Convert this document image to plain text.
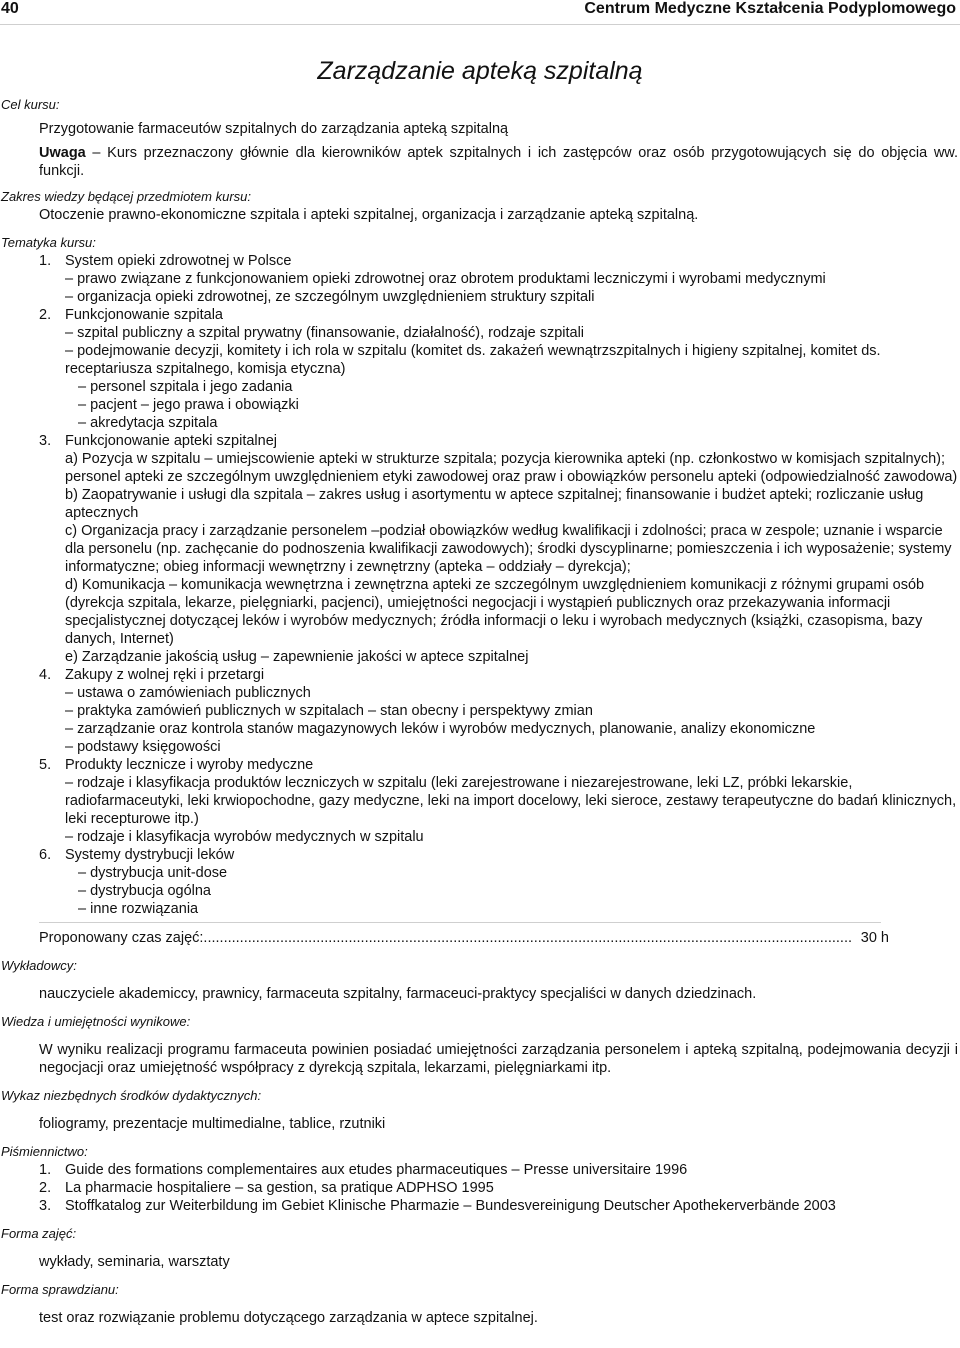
40	Centrum Medyczne Kształcenia Podyplomowego
Zarządzanie apteką szpitalną
Cel kursu:
Przygotowanie farmaceutów szpitalnych do zarządzania apteką szpitalną
Uwaga – Kurs przeznaczony głównie dla kierowników aptek szpitalnych i ich zastępców oraz osób przygotowujących się do objęcia ww. funkcji.
Zakres wiedzy będącej przedmiotem kursu:
Otoczenie prawno-ekonomiczne szpitala i apteki szpitalnej, organizacja i zarządzanie apteką szpitalną.
Tematyka kursu:
1. System opieki zdrowotnej w Polsce
– prawo związane z funkcjonowaniem opieki zdrowotnej oraz obrotem produktami leczniczymi i wyrobami medycznymi
– organizacja opieki zdrowotnej, ze szczególnym uwzględnieniem struktury szpitali
2. Funkcjonowanie szpitala
– szpital publiczny a szpital prywatny (finansowanie, działalność), rodzaje szpitali
– podejmowanie decyzji, komitety i ich rola w szpitalu (komitet ds. zakażeń wewnątrzszpitalnych i higieny szpitalnej, komitet ds. receptariusza szpitalnego, komisja etyczna)
– personel szpitala i jego zadania
– pacjent – jego prawa i obowiązki
– akredytacja szpitala
3. Funkcjonowanie apteki szpitalnej
a) Pozycja w szpitalu – umiejscowienie apteki w strukturze szpitala; pozycja kierownika apteki (np. członkostwo w komisjach szpitalnych); personel apteki ze szczególnym uwzględnieniem etyki zawodowej oraz praw i obowiązków personelu apteki (odpowiedzialność zawodowa)
b) Zaopatrywanie i usługi dla szpitala – zakres usług i asortymentu w aptece szpitalnej; finansowanie i budżet apteki; rozliczanie usług aptecznych
c) Organizacja pracy i zarządzanie personelem –podział obowiązków według kwalifikacji i zdolności; praca w zespole; uznanie i wsparcie dla personelu (np. zachęcanie do podnoszenia kwalifikacji zawodowych); środki dyscyplinarne; pomieszczenia i ich wyposażenie; systemy informatyczne; obieg informacji wewnętrzny i zewnętrzny (apteka – oddziały – dyrekcja);
d) Komunikacja – komunikacja wewnętrzna i zewnętrzna apteki ze szczególnym uwzględnieniem komunikacji z różnymi grupami osób (dyrekcja szpitala, lekarze, pielęgniarki, pacjenci), umiejętności negocjacji i wystąpień publicznych oraz przekazywania informacji specjalistycznej dotyczącej leków i wyrobów medycznych; źródła informacji o leku i wyrobach medycznych (książki, czasopisma, bazy danych, Internet)
e) Zarządzanie jakością usług – zapewnienie jakości w aptece szpitalnej
4. Zakupy z wolnej ręki i przetargi
– ustawa o zamówieniach publicznych
– praktyka zamówień publicznych w szpitalach – stan obecny i perspektywy zmian
– zarządzanie oraz kontrola stanów magazynowych leków i wyrobów medycznych, planowanie, analizy ekonomiczne
– podstawy księgowości
5. Produkty lecznicze i wyroby medyczne
– rodzaje i klasyfikacja produktów leczniczych w szpitalu (leki zarejestrowane i niezarejestrowane, leki LZ, próbki lekarskie, radiofarmaceutyki, leki krwiopochodne, gazy medyczne, leki na import docelowy, leki sieroce, zestawy terapeutyczne do badań klinicznych, leki recepturowe itp.)
– rodzaje i klasyfikacja wyrobów medycznych w szpitalu
6. Systemy dystrybucji leków
– dystrybucja unit-dose
– dystrybucja ogólna
– inne rozwiązania
Proponowany czas zajęć:
.....	30 h
Wykładowcy:
nauczyciele akademiccy, prawnicy, farmaceuta szpitalny, farmaceuci-praktycy specjaliści w danych dziedzinach.
Wiedza i umiejętności wynikowe:
W wyniku realizacji programu farmaceuta powinien posiadać umiejętności zarządzania personelem i apteką szpitalną, podejmowania decyzji i negocjacji oraz umiejętność współpracy z dyrekcją szpitala, lekarzami, pielęgniarkami itp.
Wykaz niezbędnych środków dydaktycznych:
foliogramy, prezentacje multimedialne, tablice, rzutniki
Piśmiennictwo:
1. Guide des formations complementaires aux etudes pharmaceutiques – Presse universitaire 1996
2. La pharmacie hospitaliere – sa gestion, sa pratique ADPHSO 1995
3. Stoffkatalog zur Weiterbildung im Gebiet Klinische Pharmazie – Bundesvereinigung Deutscher Apothekerverbände 2003
Forma zajęć:
wykłady, seminaria, warsztaty
Forma sprawdzianu:
test oraz rozwiązanie problemu dotyczącego zarządzania w aptece szpitalnej.
